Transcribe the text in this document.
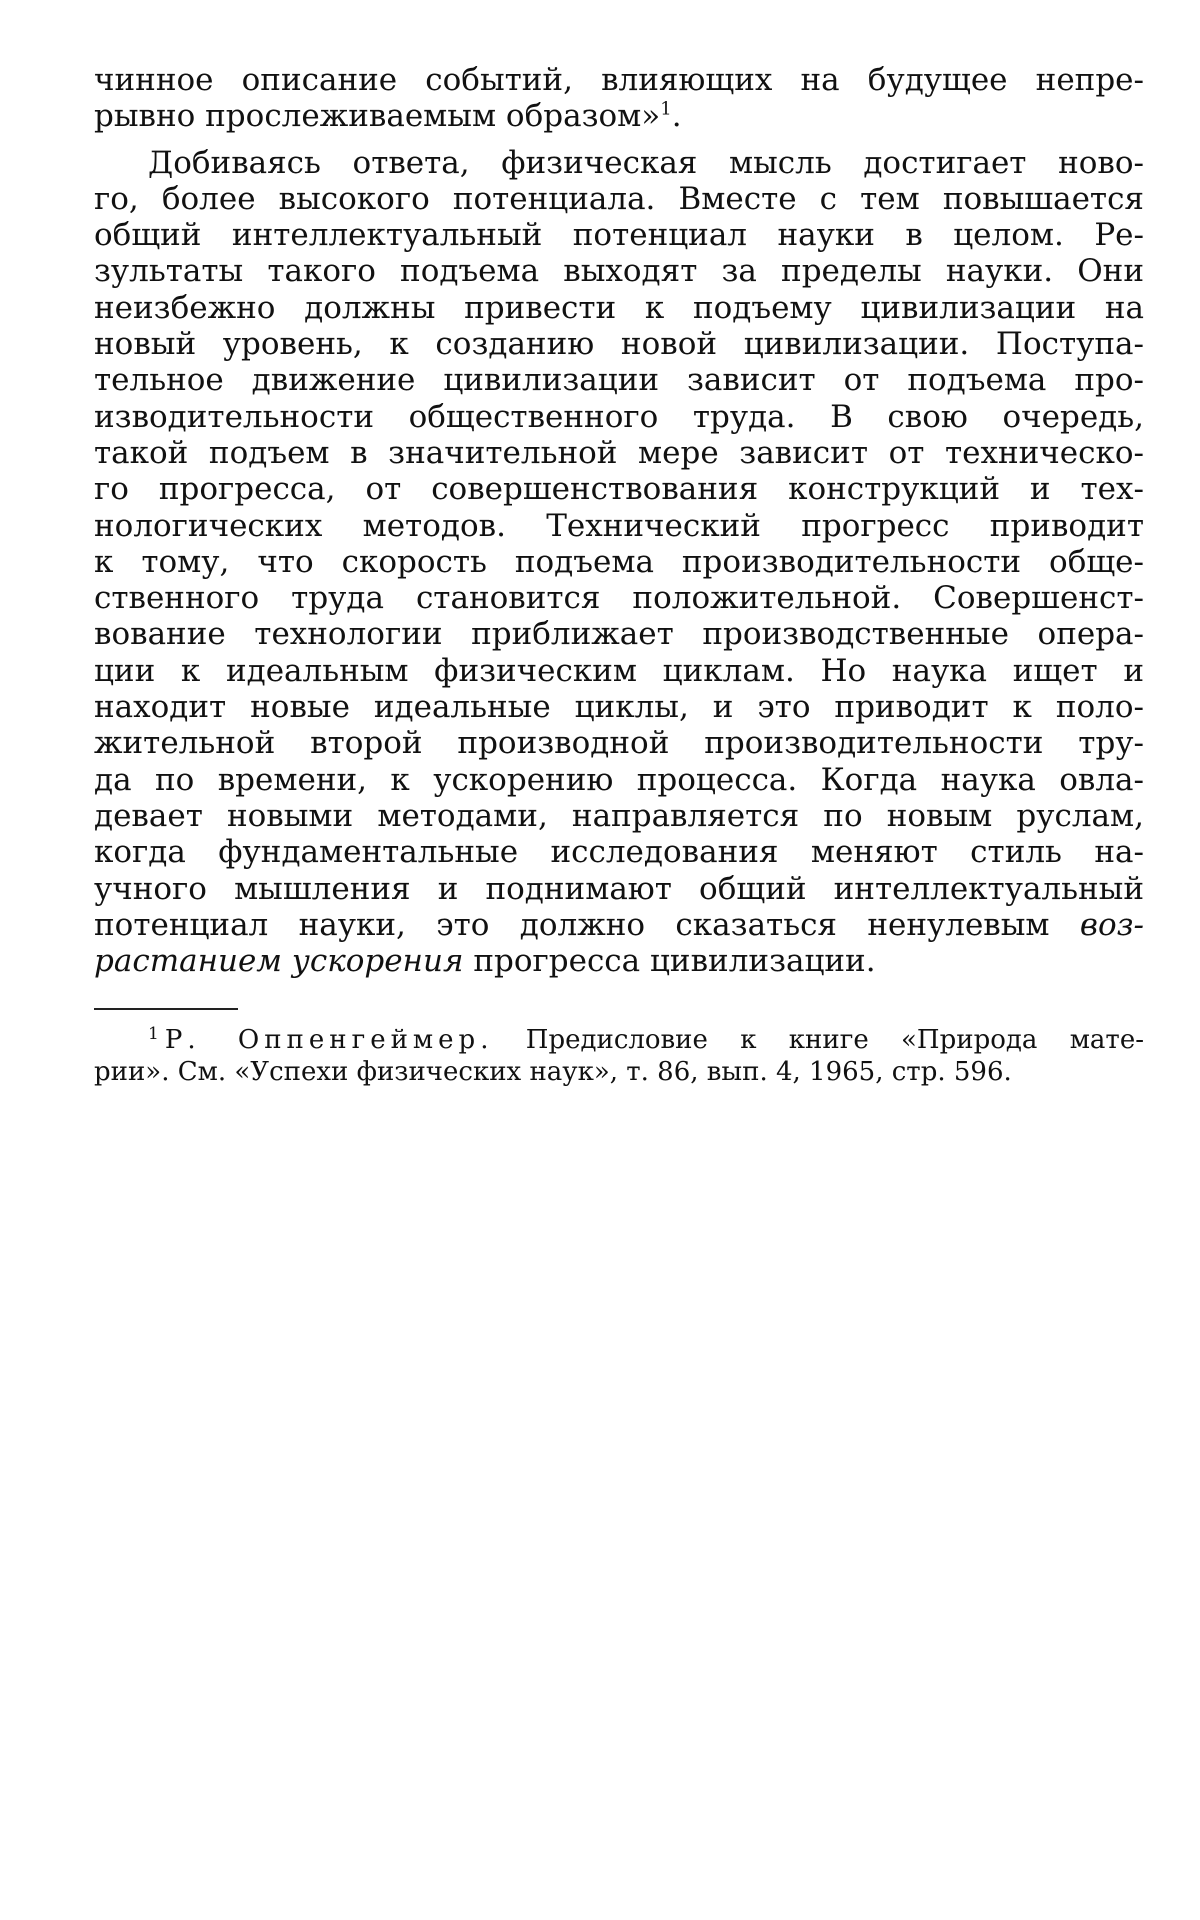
чинное описание событий, влияющих на будущее непре-
рывно прослеживаемым образом»$^1$.
Добиваясь ответа, физическая мысль достигает ново-
го, более высокого потенциала. Вместе с тем повышается
общий интеллектуальный потенциал науки в целом. Ре-
зультаты такого подъема выходят за пределы науки. Они
неизбежно должны привести к подъему цивилизации на
новый уровень, к созданию новой цивилизации. Поступа-
тельное движение цивилизации зависит от подъема про-
изводительности общественного труда. В свою очередь,
такой подъем в значительной мере зависит от техническо-
го прогресса, от совершенствования конструкций и тех-
нологических методов. Технический прогресс приводит
к тому, что скорость подъема производительности обще-
ственного труда становится положительной. Совершенст-
вование технологии приближает производственные опера-
ции к идеальным физическим циклам. Но наука ищет и
находит новые идеальные циклы, и это приводит к поло-
жительной второй производной производительности тру-
да по времени, к ускорению процесса. Когда наука овла-
девает новыми методами, направляется по новым руслам,
когда фундаментальные исследования меняют стиль на-
учного мышления и поднимают общий интеллектуальный
потенциал науки, это должно сказаться ненулевым воз-
растанием ускорения прогресса цивилизации.
$^1$ Р. Оппенгеймер. Предисловие к книге «Природа мате-
рии». См. «Успехи физических наук», т. 86, вып. 4, 1965, стр. 596.
